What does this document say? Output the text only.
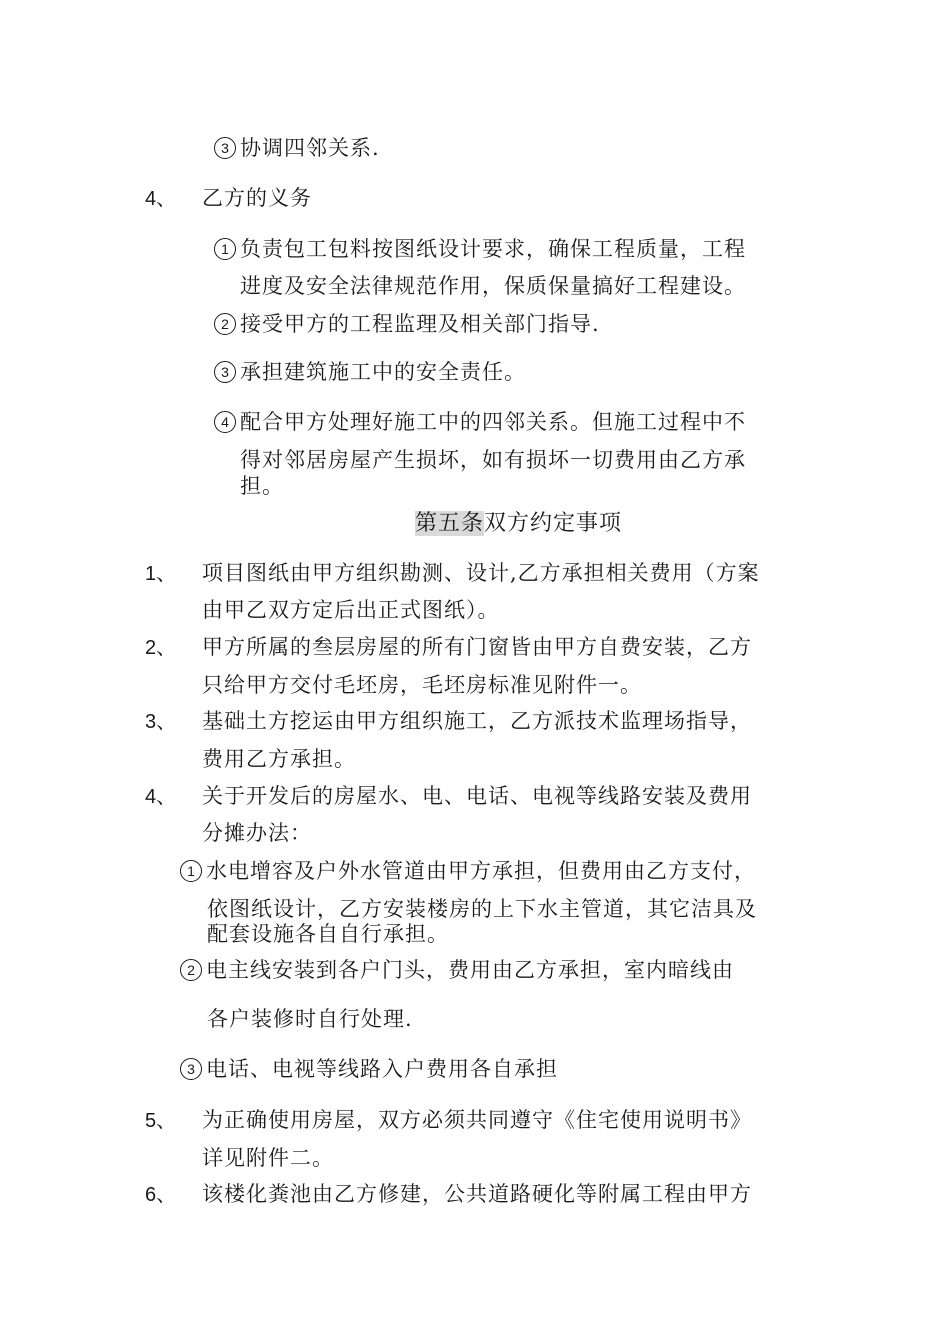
3 协调四邻关系.
4、 乙方的义务
1 负责包工包料按图纸设计要求，确保工程质量，工程
进度及安全法律规范作用，保质保量搞好工程建设。
2 接受甲方的工程监理及相关部门指导.
3 承担建筑施工中的安全责任。
4 配合甲方处理好施工中的四邻关系。但施工过程中不
得对邻居房屋产生损坏，如有损坏一切费用由乙方承
担。
第五条双方约定事项
1、 项目图纸由甲方组织勘测、设计,乙方承担相关费用（方案
由甲乙双方定后出正式图纸）。
2、 甲方所属的叁层房屋的所有门窗皆由甲方自费安装，乙方
只给甲方交付毛坯房，毛坯房标准见附件一。
3、 基础土方挖运由甲方组织施工，乙方派技术监理场指导，
费用乙方承担。
4、 关于开发后的房屋水、电、电话、电视等线路安装及费用
分摊办法：
1 水电增容及户外水管道由甲方承担，但费用由乙方支付，
依图纸设计，乙方安装楼房的上下水主管道，其它洁具及
配套设施各自自行承担。
2 电主线安装到各户门头，费用由乙方承担，室内暗线由
各户装修时自行处理.
3 电话、电视等线路入户费用各自承担
5、 为正确使用房屋，双方必须共同遵守《住宅使用说明书》
详见附件二。
6、 该楼化粪池由乙方修建，公共道路硬化等附属工程由甲方
